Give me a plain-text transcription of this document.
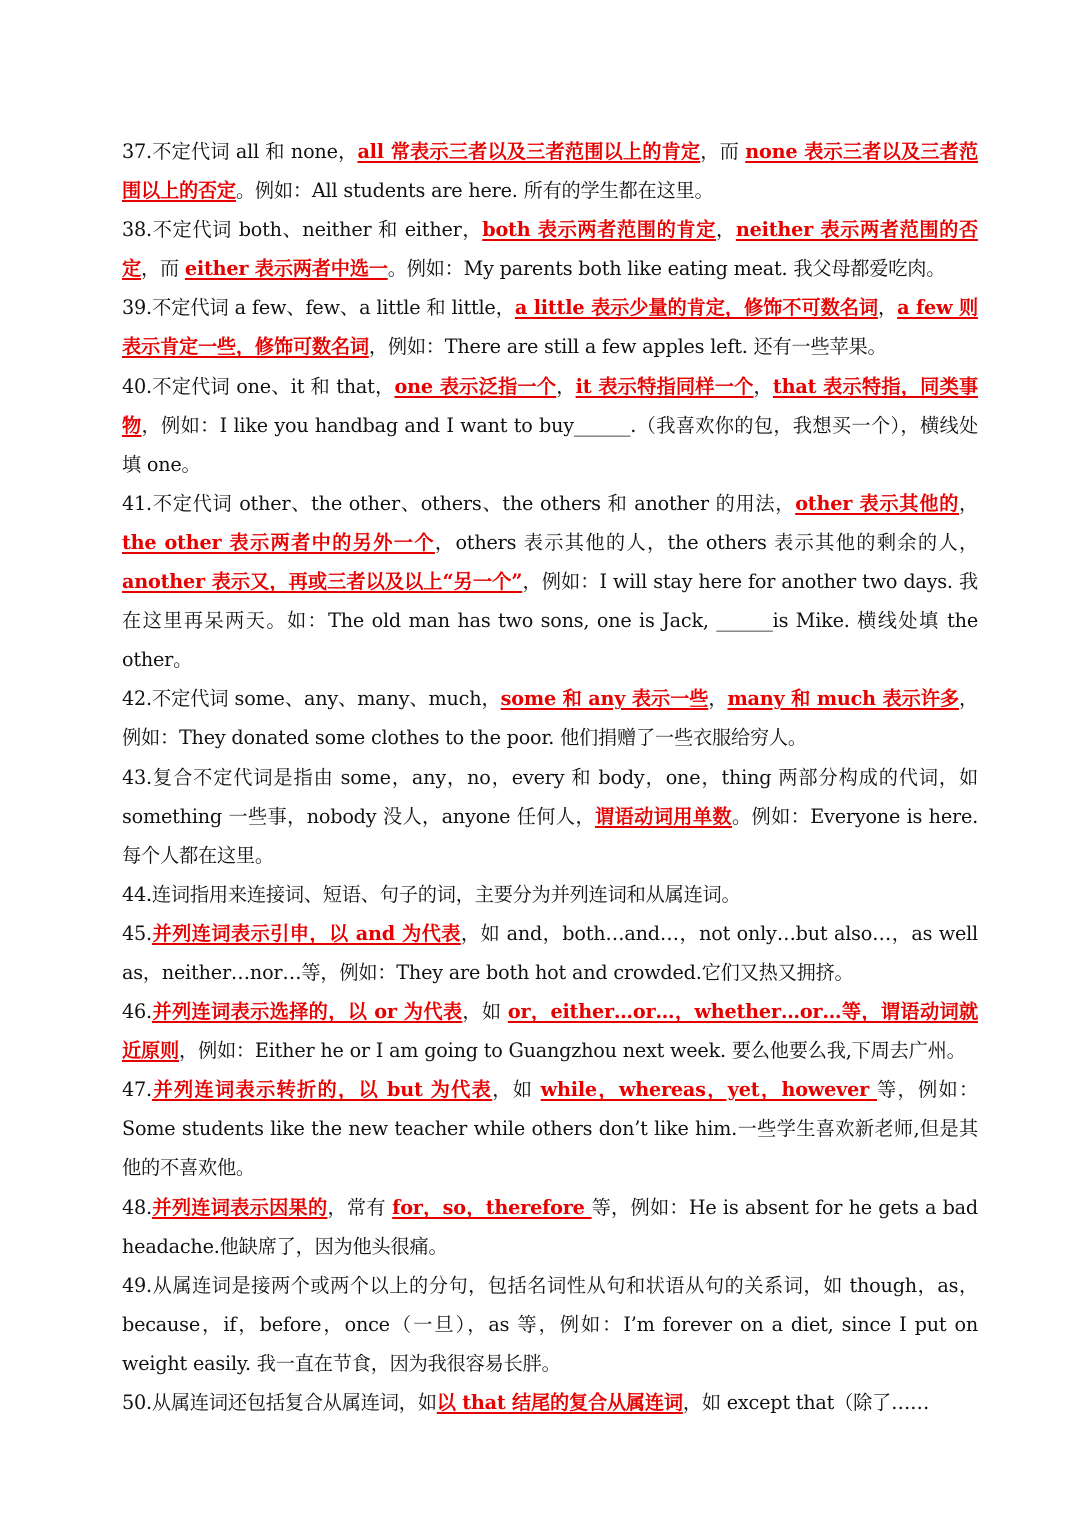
37.不定代词 all 和 none，all 常表示三者以及三者范围以上的肯定，而 none 表示三者以及三者范围以上的否定。例如：All students are here. 所有的学生都在这里。

38.不定代词 both、neither 和 either，both 表示两者范围的肯定，neither 表示两者范围的否定，而 either 表示两者中选一。例如：My parents both like eating meat. 我父母都爱吃肉。

39.不定代词 a few、few、a little 和 little，a little 表示少量的肯定，修饰不可数名词，a few 则表示肯定一些，修饰可数名词，例如：There are still a few apples left. 还有一些苹果。

40.不定代词 one、it 和 that，one 表示泛指一个，it 表示特指同样一个，that 表示特指，同类事物，例如：I like you handbag and I want to buy______.（我喜欢你的包，我想买一个），横线处填 one。

41.不定代词 other、the other、others、the others 和 another 的用法，other 表示其他的，the other 表示两者中的另外一个，others 表示其他的人，the others 表示其他的剩余的人，another 表示又，再或三者以及以上“另一个”，例如：I will stay here for another two days. 我在这里再呆两天。如：The old man has two sons, one is Jack, ______is Mike. 横线处填 the other。

42.不定代词 some、any、many、much，some 和 any 表示一些，many 和 much 表示许多，例如：They donated some clothes to the poor. 他们捐赠了一些衣服给穷人。

43.复合不定代词是指由 some，any，no，every 和 body，one，thing 两部分构成的代词，如 something 一些事，nobody 没人，anyone 任何人，谓语动词用单数。例如：Everyone is here. 每个人都在这里。

44.连词指用来连接词、短语、句子的词，主要分为并列连词和从属连词。

45.并列连词表示引申，以 and 为代表，如 and，both…and…，not only…but also…，as well as，neither…nor…等，例如：They are both hot and crowded.它们又热又拥挤。

46.并列连词表示选择的，以 or 为代表，如 or，either…or…，whether…or…等，谓语动词就近原则，例如：Either he or I am going to Guangzhou next week. 要么他要么我,下周去广州。

47.并列连词表示转折的，以 but 为代表，如 while，whereas，yet，however 等，例如：Some students like the new teacher while others don’t like him.一些学生喜欢新老师,但是其他的不喜欢他。

48.并列连词表示因果的，常有 for，so，therefore 等，例如：He is absent for he gets a bad headache.他缺席了，因为他头很痛。

49.从属连词是接两个或两个以上的分句，包括名词性从句和状语从句的关系词，如 though，as，because，if，before，once（一旦），as 等，例如：I’m forever on a diet, since I put on weight easily. 我一直在节食，因为我很容易长胖。

50.从属连词还包括复合从属连词，如以 that 结尾的复合从属连词，如 except that（除了……
